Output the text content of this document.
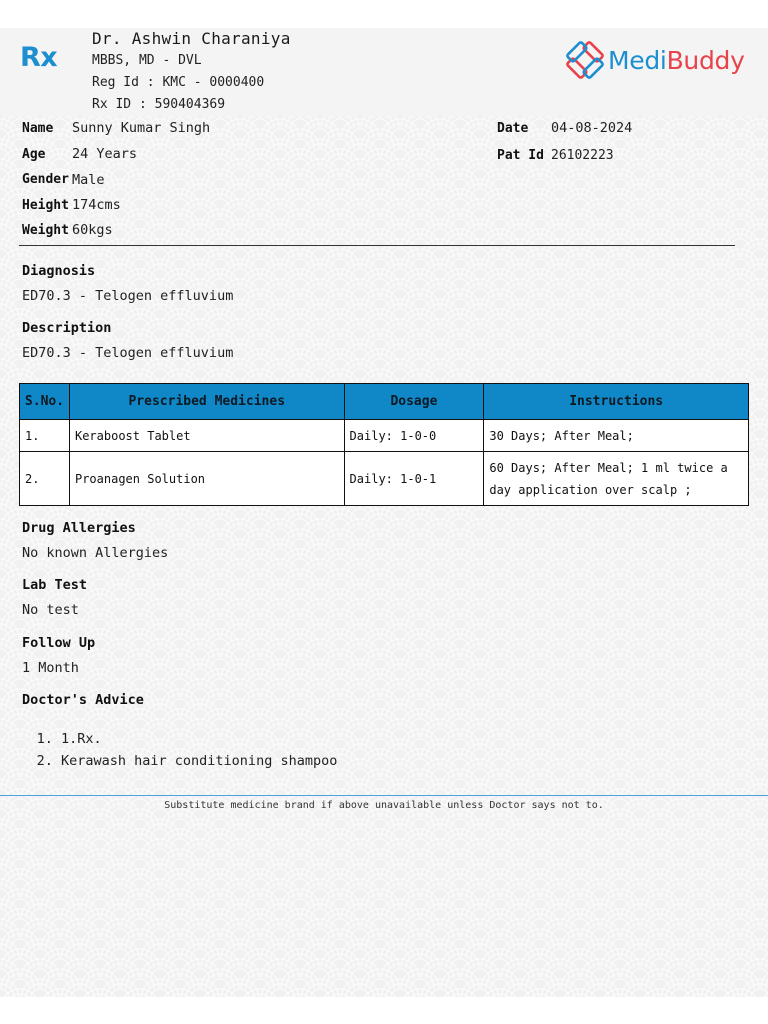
Rx
Dr. Ashwin Charaniya
MBBS, MD - DVL
Reg Id : KMC - 0000400
Rx ID : 590404369
MediBuddy
Name Sunny Kumar Singh
Age 24 Years
Gender Male
Height 174cms
Weight 60kgs
Date 04-08-2024
Pat Id 26102223
Diagnosis
ED70.3 - Telogen effluvium
Description
ED70.3 - Telogen effluvium
S.No.	Prescribed Medicines	Dosage	Instructions
1.	Keraboost Tablet	Daily: 1-0-0	30 Days; After Meal;
2.	Proanagen Solution	Daily: 1-0-1	60 Days; After Meal; 1 ml twice a day application over scalp ;
Drug Allergies
No known Allergies
Lab Test
No test
Follow Up
1 Month
Doctor's Advice
1. 1.Rx.
2. Kerawash hair conditioning shampoo
Substitute medicine brand if above unavailable unless Doctor says not to.
